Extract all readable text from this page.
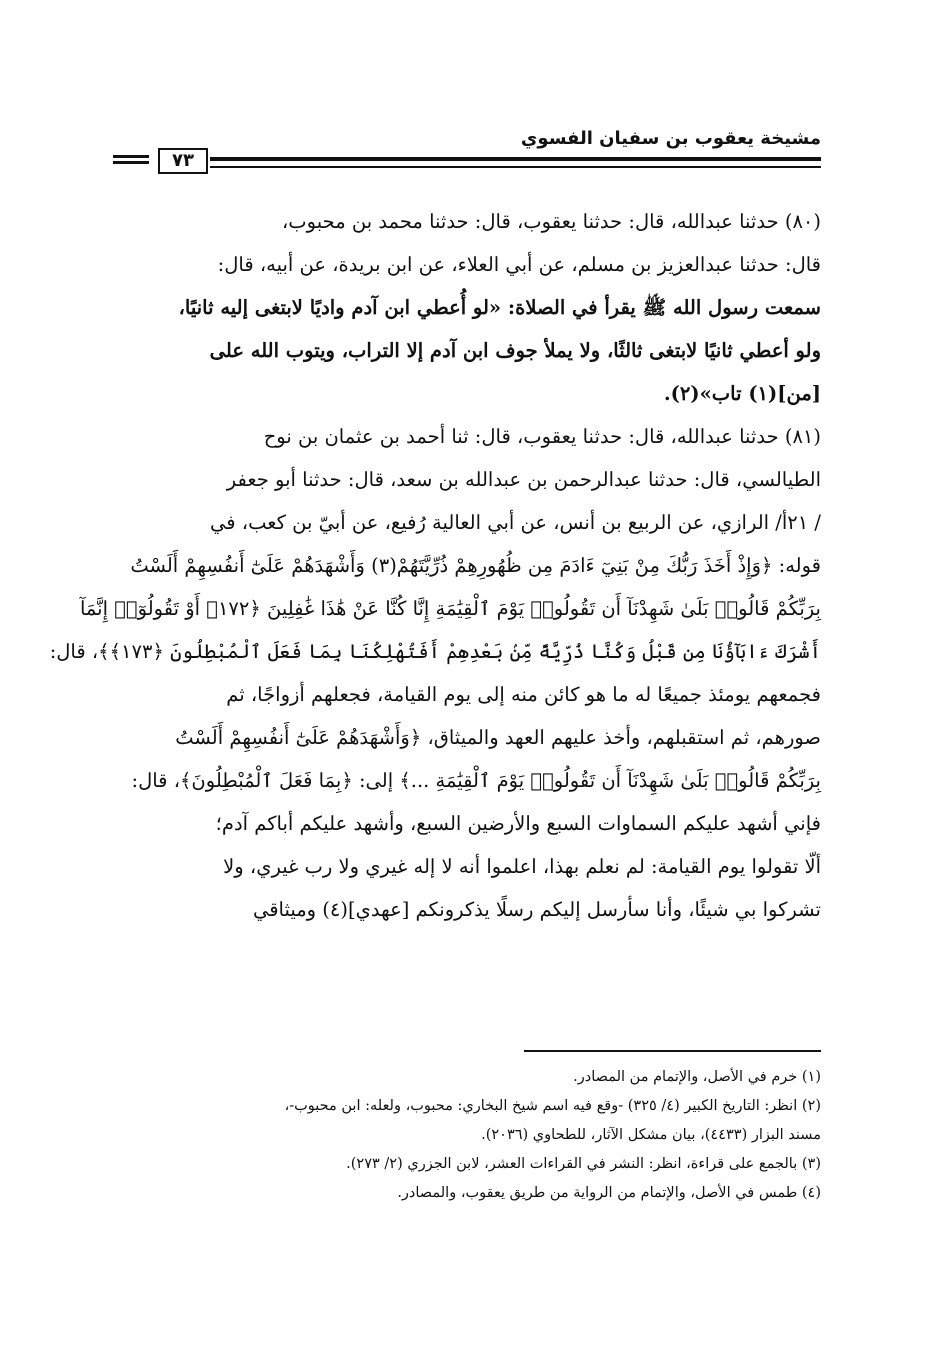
مشيخة يعقوب بن سفيان الفسوي
٧٣
(٨٠) حدثنا عبدالله، قال: حدثنا يعقوب، قال: حدثنا محمد بن محبوب،
قال: حدثنا عبدالعزيز بن مسلم، عن أبي العلاء، عن ابن بريدة، عن أبيه، قال:
سمعت رسول الله ﷺ يقرأ في الصلاة: «لو أُعطي ابن آدم واديًا لابتغى إليه ثانيًا،
ولو أعطي ثانيًا لابتغى ثالثًا، ولا يملأ جوف ابن آدم إلا التراب، ويتوب الله على
[من](١) تاب»(٢).
(٨١) حدثنا عبدالله، قال: حدثنا يعقوب، قال: ثنا أحمد بن عثمان بن نوح
الطيالسي، قال: حدثنا عبدالرحمن بن عبدالله بن سعد، قال: حدثنا أبو جعفر
/ ٢١أ/ الرازي، عن الربيع بن أنس، عن أبي العالية رُفيع، عن أبيّ بن كعب، في
قوله: ﴿وَإِذْ أَخَذَ رَبُّكَ مِنْ بَنِيٓ ءَادَمَ مِن ظُهُورِهِمْ ذُرِّيَّتَهُمْ(٣) وَأَشْهَدَهُمْ عَلَىٰٓ أَنفُسِهِمْ أَلَسْتُ
بِرَبِّكُمْ قَالُوا۟ بَلَىٰ شَهِدْنَآ أَن تَقُولُوا۟ يَوْمَ ٱلْقِيَٰمَةِ إِنَّا كُنَّا عَنْ هَٰذَا غَٰفِلِينَ ﴿١٧٢﴾ أَوْ تَقُولُوٓا۟ إِنَّمَآ
أَشْرَكَ ءَابَآؤُنَا مِن قَبْلُ وَكُنَّا ذُرِّيَّةً مِّنۢ بَعْدِهِمْ أَفَتُهْلِكُنَا بِمَا فَعَلَ ٱلْمُبْطِلُونَ ﴿١٧٣﴾﴾، قال:
فجمعهم يومئذ جميعًا له ما هو كائن منه إلى يوم القيامة، فجعلهم أزواجًا، ثم
صورهم، ثم استقبلهم، وأخذ عليهم العهد والميثاق، ﴿وَأَشْهَدَهُمْ عَلَىٰٓ أَنفُسِهِمْ أَلَسْتُ
بِرَبِّكُمْ قَالُوا۟ بَلَىٰ شَهِدْنَآ أَن تَقُولُوا۟ يَوْمَ ٱلْقِيَٰمَةِ ...﴾ إلى: ﴿بِمَا فَعَلَ ٱلْمُبْطِلُونَ﴾، قال:
فإني أشهد عليكم السماوات السبع والأرضين السبع، وأشهد عليكم أباكم آدم؛
ألّا تقولوا يوم القيامة: لم نعلم بهذا، اعلموا أنه لا إله غيري ولا رب غيري، ولا
تشركوا بي شيئًا، وأنا سأرسل إليكم رسلًا يذكرونكم [عهدي](٤) وميثاقي
(١) خرم في الأصل، والإتمام من المصادر.
(٢) انظر: التاريخ الكبير (٤/ ٣٢٥) -وقع فيه اسم شيخ البخاري: محبوب، ولعله: ابن محبوب-،
مسند البزار (٤٤٣٣)، بيان مشكل الآثار، للطحاوي (٢٠٣٦).
(٣) بالجمع على قراءة، انظر: النشر في القراءات العشر، لابن الجزري (٢/ ٢٧٣).
(٤) طمس في الأصل، والإتمام من الرواية من طريق يعقوب، والمصادر.
